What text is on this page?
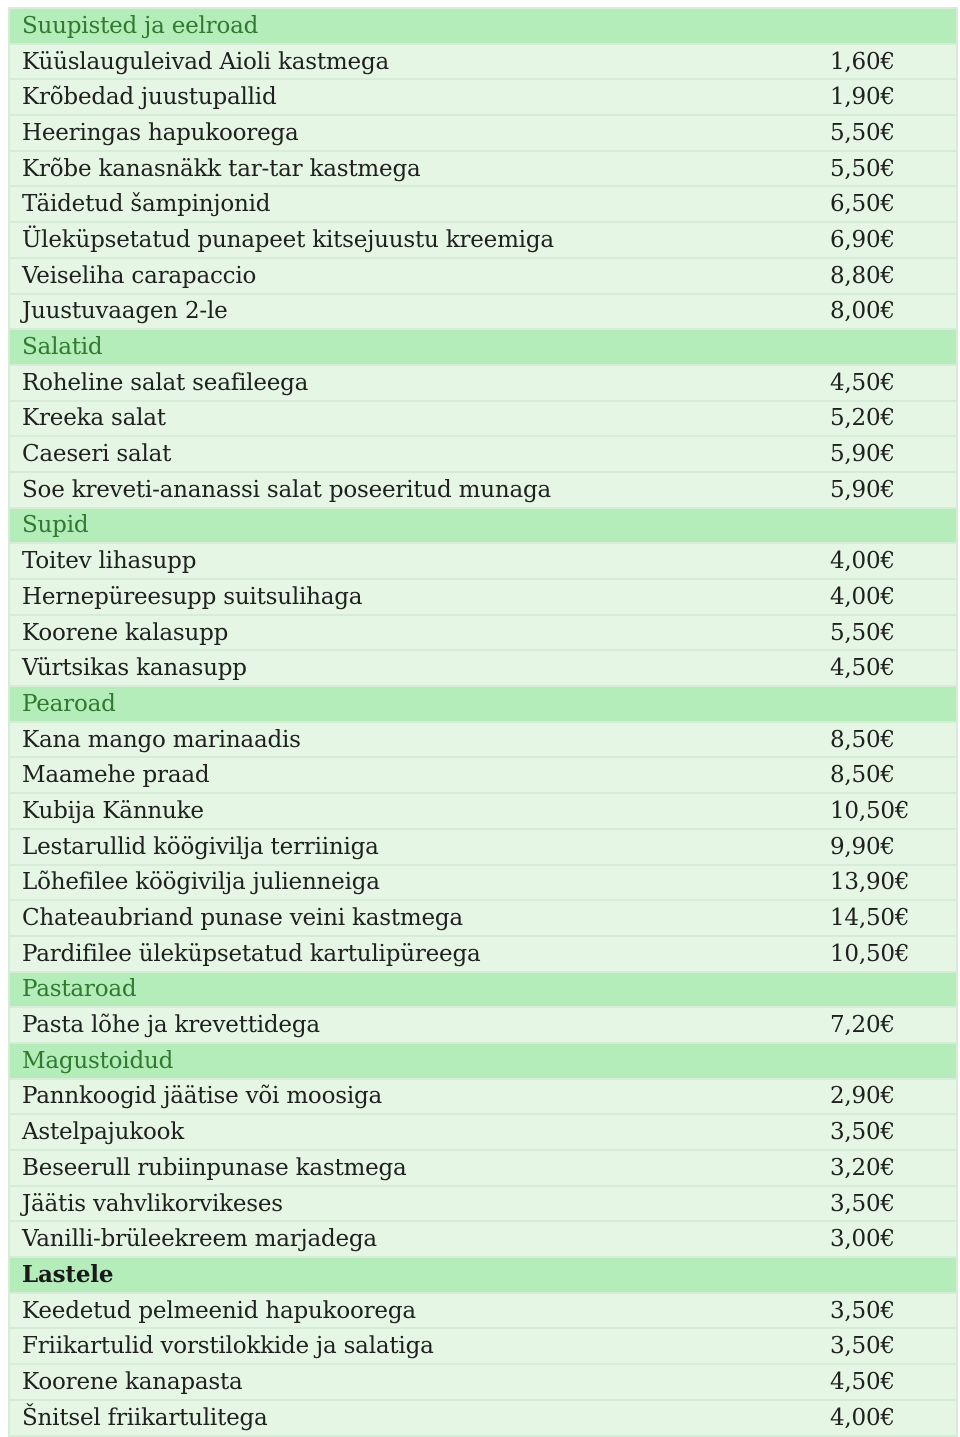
Suupisted ja eelroad
Küüslauguleivad Aioli kastmega	1,60€
Krõbedad juustupallid	1,90€
Heeringas hapukoorega	5,50€
Krõbe kanasnäkk tar-tar kastmega	5,50€
Täidetud šampinjonid	6,50€
Üleküpsetatud punapeet kitsejuustu kreemiga	6,90€
Veiseliha carapaccio	8,80€
Juustuvaagen 2-le	8,00€
Salatid
Roheline salat seafileega	4,50€
Kreeka salat	5,20€
Caeseri salat	5,90€
Soe kreveti-ananassi salat poseeritud munaga	5,90€
Supid
Toitev lihasupp	4,00€
Hernepüreesupp suitsulihaga	4,00€
Koorene kalasupp	5,50€
Vürtsikas kanasupp	4,50€
Pearoad
Kana mango marinaadis	8,50€
Maamehe praad	8,50€
Kubija Kännuke	10,50€
Lestarullid köögivilja terriiniga	9,90€
Lõhefilee köögivilja julienneiga	13,90€
Chateaubriand punase veini kastmega	14,50€
Pardifilee üleküpsetatud kartulipüreega	10,50€
Pastaroad
Pasta lõhe ja krevettidega	7,20€
Magustoidud
Pannkoogid jäätise või moosiga	2,90€
Astelpajukook	3,50€
Beseerull rubiinpunase kastmega	3,20€
Jäätis vahvlikorvikeses	3,50€
Vanilli-brüleekreem marjadega	3,00€
Lastele
Keedetud pelmeenid hapukoorega	3,50€
Friikartulid vorstilokkide ja salatiga	3,50€
Koorene kanapasta	4,50€
Šnitsel friikartulitega	4,00€
